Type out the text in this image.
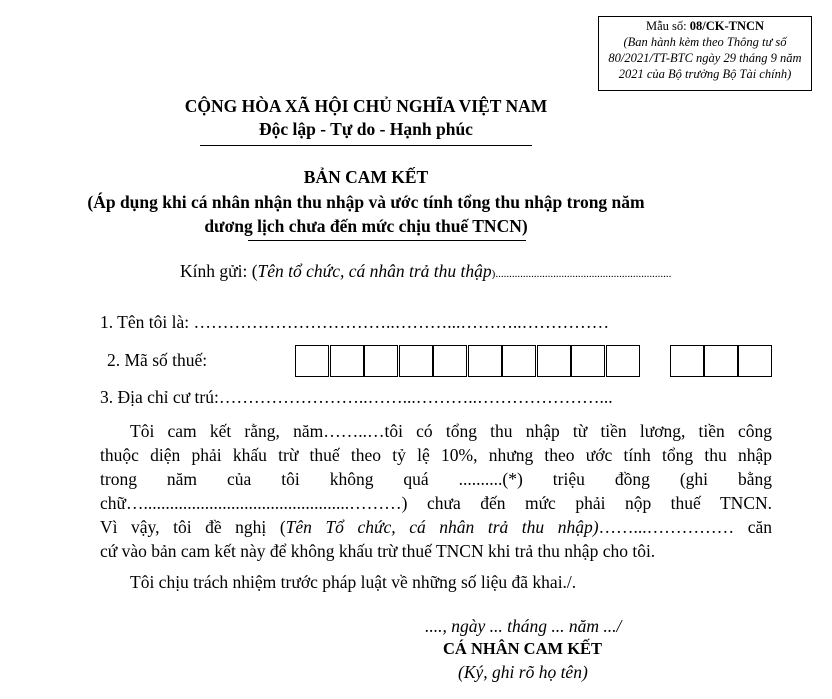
Mẫu số: 08/CK-TNCN
(Ban hành kèm theo Thông tư số
80/2021/TT-BTC ngày 29 tháng 9 năm
2021 của Bộ trưởng Bộ Tài chính)
CỘNG HÒA XÃ HỘI CHỦ NGHĨA VIỆT NAM
Độc lập - Tự do - Hạnh phúc
BẢN CAM KẾT
(Áp dụng khi cá nhân nhận thu nhập và ước tính tổng thu nhập trong năm
dương lịch chưa đến mức chịu thuế TNCN)
Kính gửi: (Tên tổ chức, cá nhân trả thu thập)................................................................
1. Tên tôi là: ……………………………..………...………..……………
2. Mã số thuế:
3. Địa chỉ cư trú:……………………..……...………..…………………...
Tôi cam kết rằng, năm……..…tôi có tổng thu nhập từ tiền lương, tiền công
thuộc diện phải khấu trừ thuế theo tỷ lệ 10%, nhưng theo ước tính tổng thu nhập
trong năm của tôi không quá ..........(*) triệu đồng (ghi bằng
chữ…...............................................………) chưa đến mức phải nộp thuế TNCN.
Vì vậy, tôi đề nghị (Tên Tổ chức, cá nhân trả thu nhập)……...…………… căn
cứ vào bản cam kết này để không khấu trừ thuế TNCN khi trả thu nhập cho tôi.
Tôi chịu trách nhiệm trước pháp luật về những số liệu đã khai./.
...., ngày ... tháng ... năm .../
CÁ NHÂN CAM KẾT
(Ký, ghi rõ họ tên)
